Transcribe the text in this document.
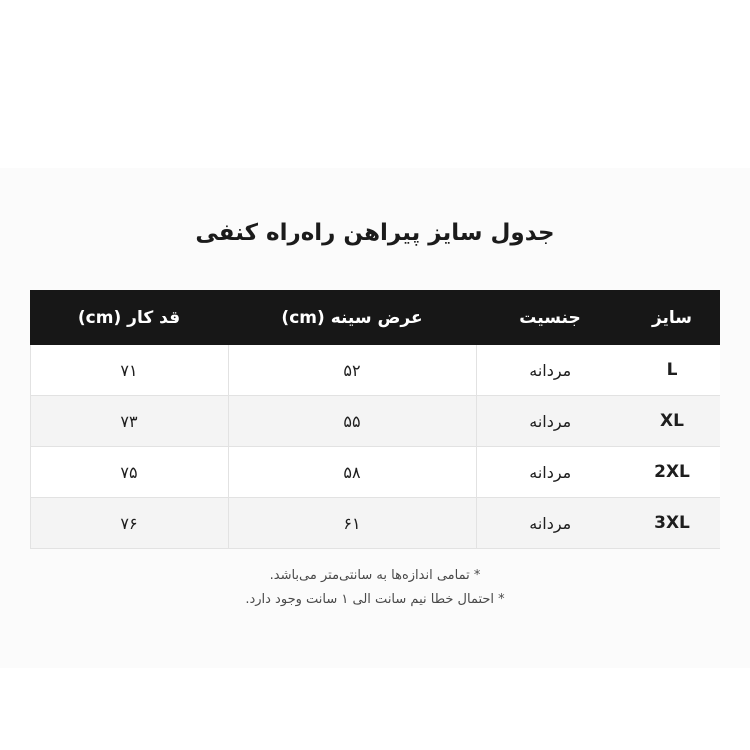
جدول سایز پیراهن راه‌راه کنفی
سایز	جنسیت	عرض سینه (cm)	قد کار (cm)
L	مردانه	۵۲	۷۱
XL	مردانه	۵۵	۷۳
2XL	مردانه	۵۸	۷۵
3XL	مردانه	۶۱	۷۶
* تمامی اندازه‌ها به سانتی‌متر می‌باشد.
* احتمال خطا نیم سانت الی ۱ سانت وجود دارد.
